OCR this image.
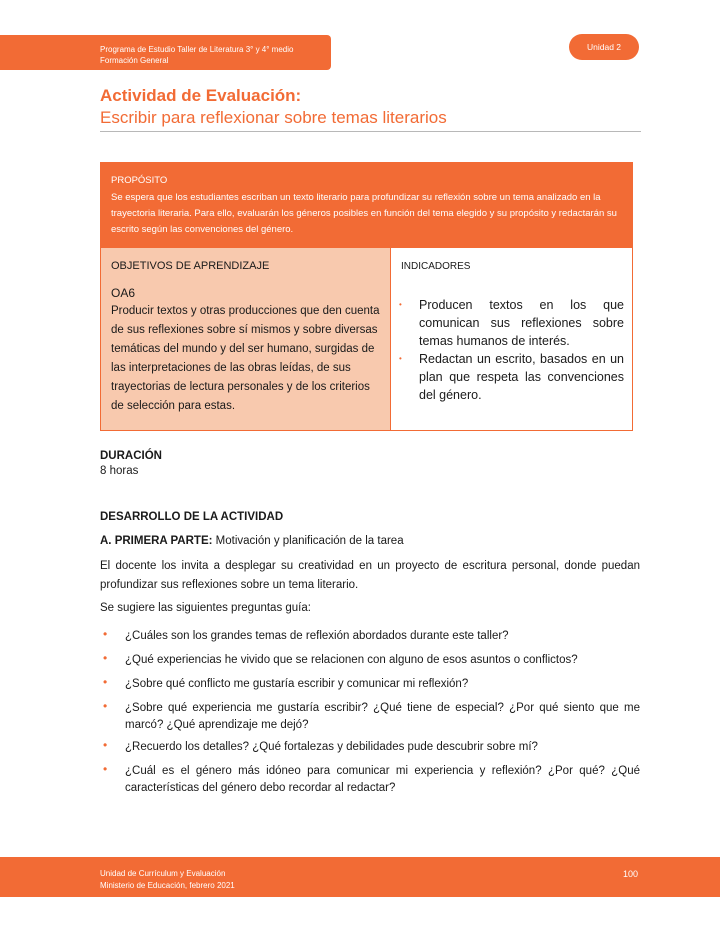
Programa de Estudio Taller de Literatura 3° y 4° medio
Formación General
Unidad 2
Actividad de Evaluación:
Escribir para reflexionar sobre temas literarios
PROPÓSITO
Se espera que los estudiantes escriban un texto literario para profundizar su reflexión sobre un tema analizado en la trayectoria literaria. Para ello, evaluarán los géneros posibles en función del tema elegido y su propósito y redactarán su escrito según las convenciones del género.
OBJETIVOS DE APRENDIZAJE
OA6
Producir textos y otras producciones que den cuenta de sus reflexiones sobre sí mismos y sobre diversas temáticas del mundo y del ser humano, surgidas de las interpretaciones de las obras leídas, de sus trayectorias de lectura personales y de los criterios de selección para estas.
INDICADORES
• Producen textos en los que comunican sus reflexiones sobre temas humanos de interés.
• Redactan un escrito, basados en un plan que respeta las convenciones del género.
DURACIÓN
8 horas
DESARROLLO DE LA ACTIVIDAD
A. PRIMERA PARTE: Motivación y planificación de la tarea
El docente los invita a desplegar su creatividad en un proyecto de escritura personal, donde puedan profundizar sus reflexiones sobre un tema literario.
Se sugiere las siguientes preguntas guía:
• ¿Cuáles son los grandes temas de reflexión abordados durante este taller?
• ¿Qué experiencias he vivido que se relacionen con alguno de esos asuntos o conflictos?
• ¿Sobre qué conflicto me gustaría escribir y comunicar mi reflexión?
• ¿Sobre qué experiencia me gustaría escribir? ¿Qué tiene de especial? ¿Por qué siento que me marcó? ¿Qué aprendizaje me dejó?
• ¿Recuerdo los detalles? ¿Qué fortalezas y debilidades pude descubrir sobre mí?
• ¿Cuál es el género más idóneo para comunicar mi experiencia y reflexión? ¿Por qué? ¿Qué características del género debo recordar al redactar?
Unidad de Currículum y Evaluación
Ministerio de Educación, febrero 2021
100
